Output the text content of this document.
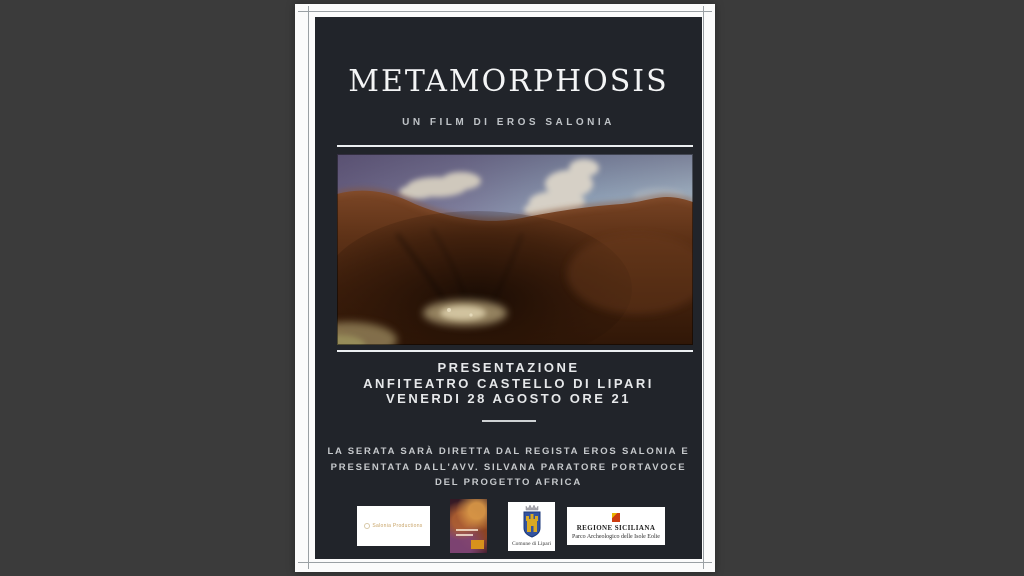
METAMORPHOSIS
UN FILM DI EROS SALONIA
PRESENTAZIONE
ANFITEATRO CASTELLO DI LIPARI
VENERDI 28 AGOSTO ORE 21
LA SERATA SARÀ DIRETTA DAL REGISTA EROS SALONIA E
PRESENTATA DALL'AVV. SILVANA PARATORE PORTAVOCE
DEL PROGETTO AFRICA
Salonia Productions
Comune di Lipari
REGIONE SICILIANA
Parco Archeologico delle Isole Eolie
